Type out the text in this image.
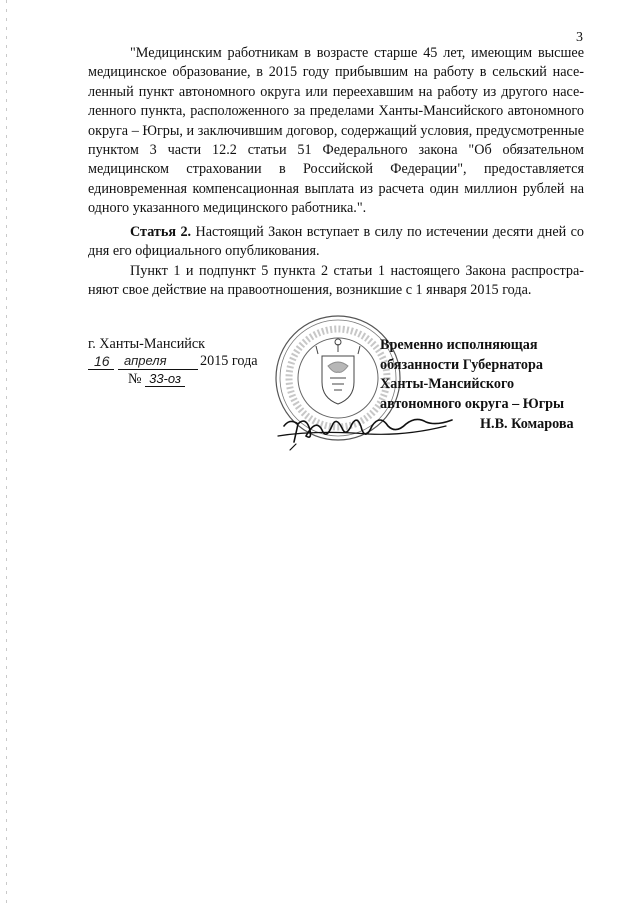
3

"Медицинским работникам в возрасте старше 45 лет, имеющим высшее медицинское образование, в 2015 году прибывшим на работу в сельский населенный пункт автономного округа или переехавшим на работу из другого населенного пункта, расположенного за пределами Ханты-Мансийского автономного округа – Югры, и заключившим договор, содержащий условия, предусмотренные пунктом 3 части 12.2 статьи 51 Федерального закона "Об обязательном медицинском страховании в Российской Федерации", предоставляется единовременная компенсационная выплата из расчета один миллион рублей на одного указанного медицинского работника.".

Статья 2. Настоящий Закон вступает в силу по истечении десяти дней со дня его официального опубликования.

Пункт 1 и подпункт 5 пункта 2 статьи 1 настоящего Закона распространяют свое действие на правоотношения, возникшие с 1 января 2015 года.

г. Ханты-Мансийск
16 апреля 2015 года
№ 33-оз
Временно исполняющая
обязанности Губернатора
Ханты-Мансийского
автономного округа – Югры
Н.В. Комарова
